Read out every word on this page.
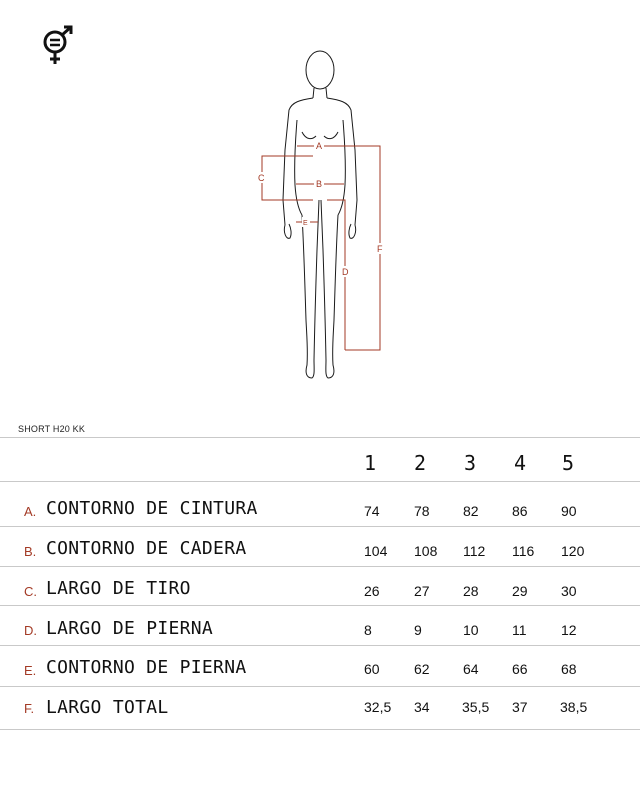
A
B
C
D
E
F
SHORT H20 KK
1 2 3 4 5
A. CONTORNO DE CINTURA	74 78 82 86 90
B. CONTORNO DE CADERA	104 108 112 116 120
C. LARGO DE TIRO	26 27 28 29 30
D. LARGO DE PIERNA	8	9	10 11 12
E. CONTORNO DE PIERNA	60 62 64 66 68
F. LARGO TOTAL	32,5 34 35,5 37 38,5
